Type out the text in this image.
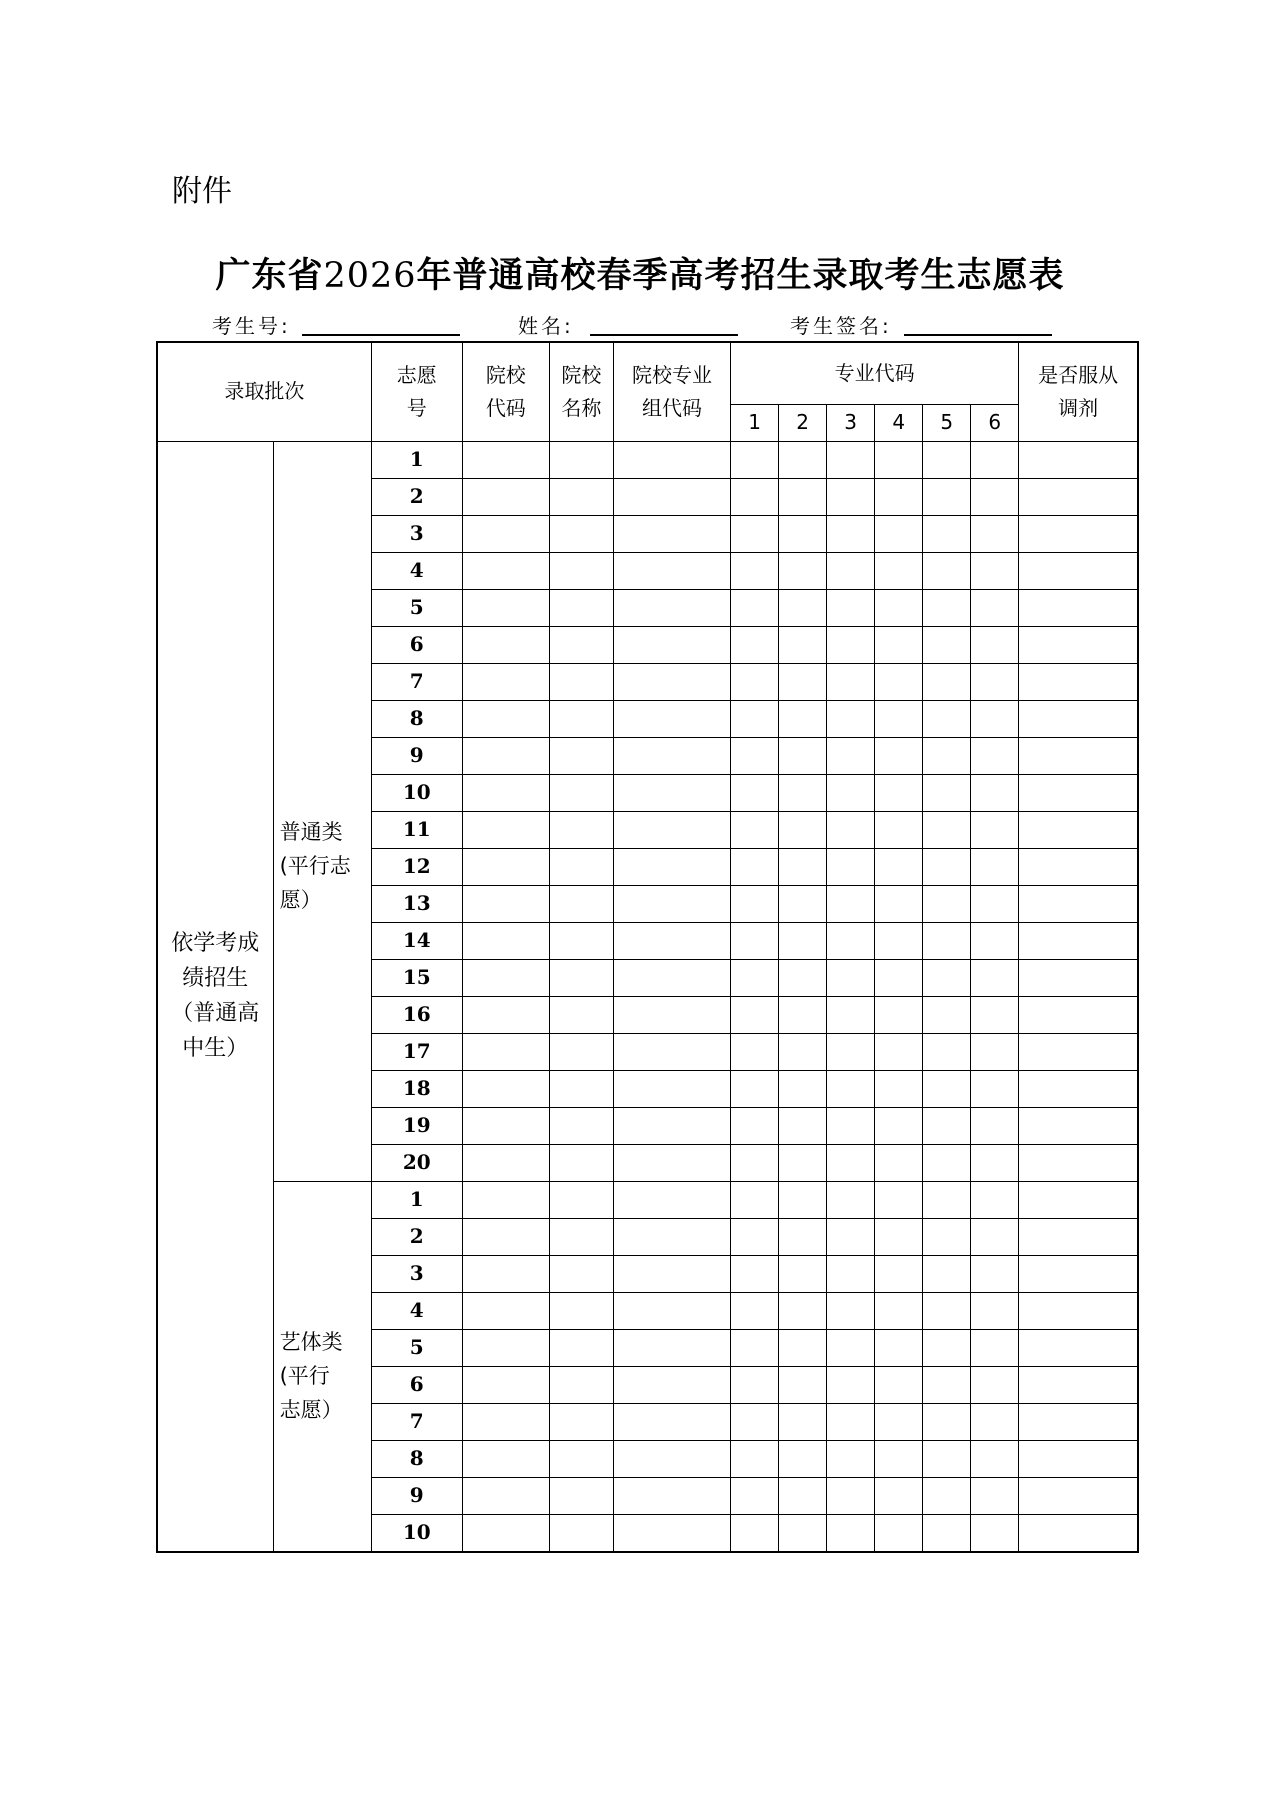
附件
广东省2026年普通高校春季高考招生录取考生志愿表
考生号:	姓名:	考生签名:
录取批次		志愿号	院校代码	院校名称	院校专业组代码	专业代码						是否服从调剂
						1	2	3	4	5	6	
依学考成绩招生（普通高中生）	普通类(平行志愿）	1										
		2										
		3										
		4										
		5										
		6										
		7										
		8										
		9										
		10										
		11										
		12										
		13										
		14										
		15										
		16										
		17										
		18										
		19										
		20										
	艺体类(平行志愿）	1										
		2										
		3										
		4										
		5										
		6										
		7										
		8										
		9										
		10										
